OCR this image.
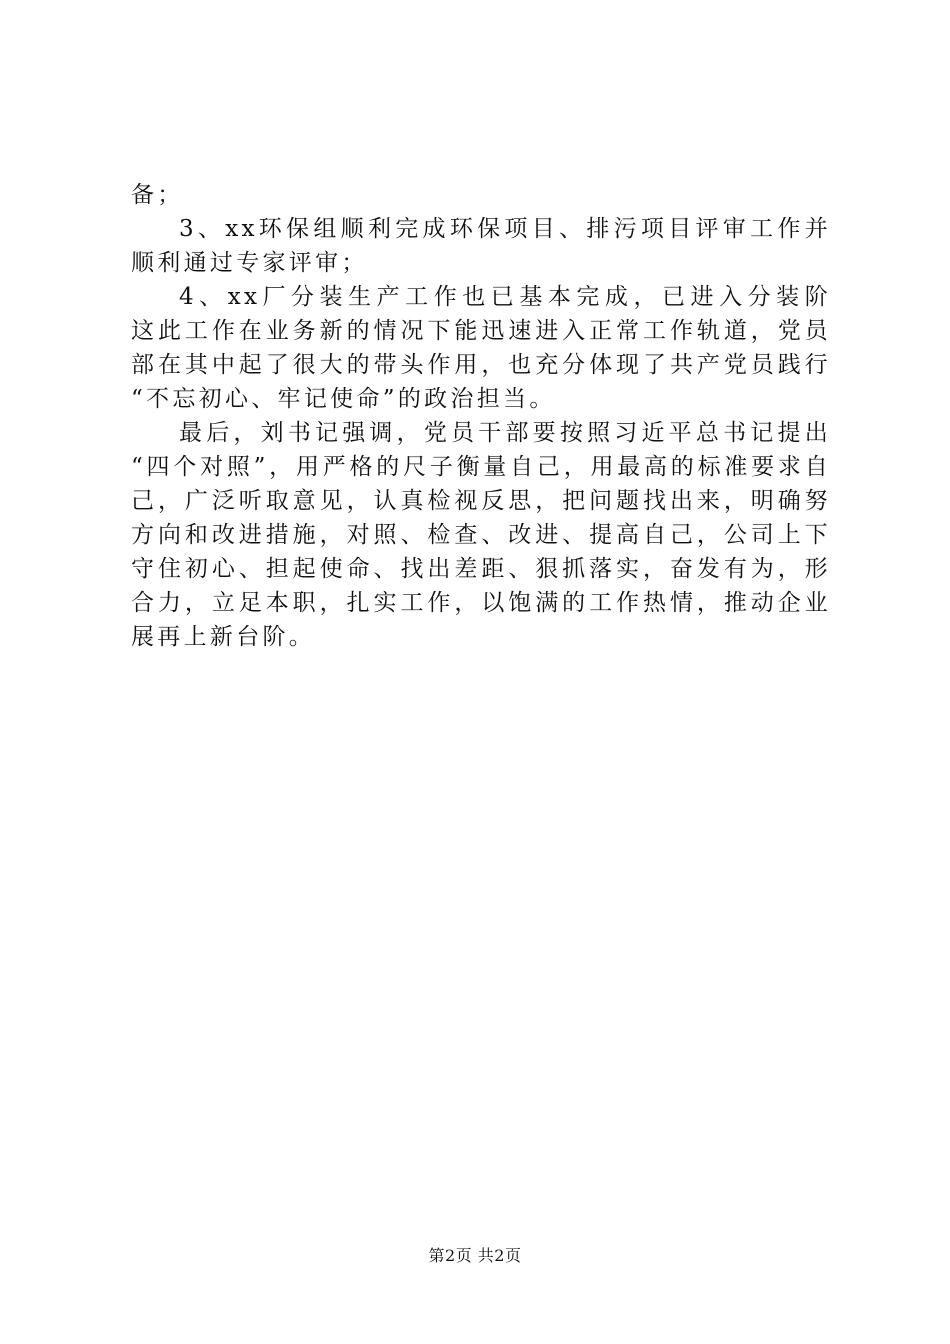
备；
3、xx环保组顺利完成环保项目、排污项目评审工作并
顺利通过专家评审；
4、xx厂分装生产工作也已基本完成，已进入分装阶
这此工作在业务新的情况下能迅速进入正常工作轨道，党员
部在其中起了很大的带头作用，也充分体现了共产党员践行
“不忘初心、牢记使命”的政治担当。
最后，刘书记强调，党员干部要按照习近平总书记提出
“四个对照”，用严格的尺子衡量自己，用最高的标准要求自
己，广泛听取意见，认真检视反思，把问题找出来，明确努
方向和改进措施，对照、检查、改进、提高自己，公司上下
守住初心、担起使命、找出差距、狠抓落实，奋发有为，形
合力，立足本职，扎实工作，以饱满的工作热情，推动企业
展再上新台阶。
第2页 共2页
